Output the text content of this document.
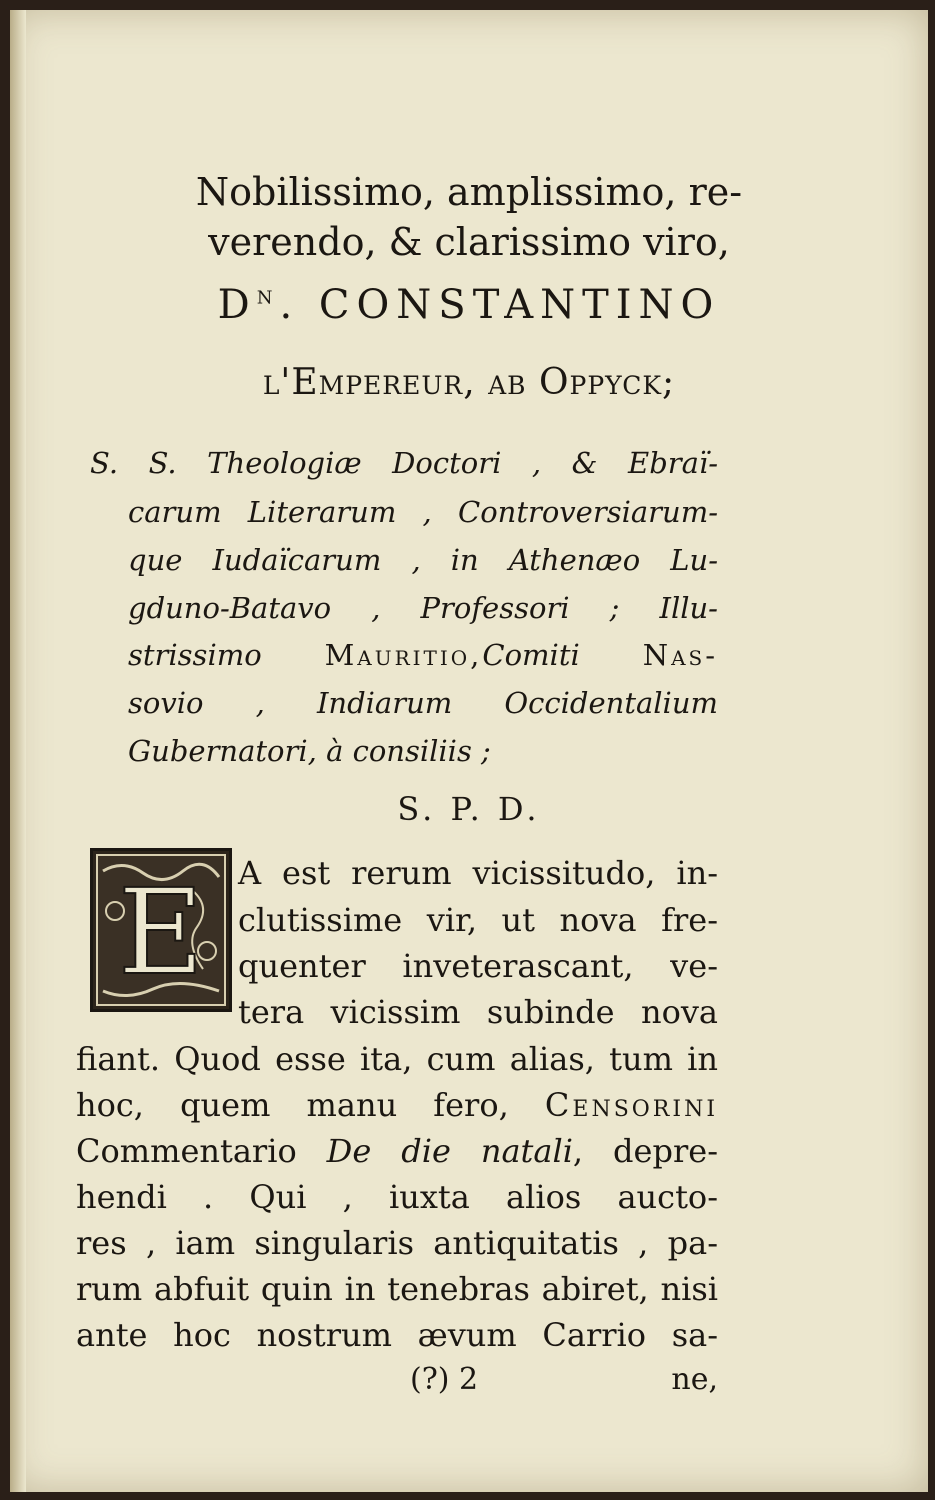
Nobilissimo, amplissimo, re-
verendo, & clarissimo viro,
$D^N$. CONSTANTINO
l'Empereur, ab Oppyck;
S. S. Theologiæ Doctori , & Ebraï-
carum Literarum , Controversiarum-
que Iudaïcarum , in Athenæo Lu-
gduno-Batavo , Professori ; Illu-
strissimo Mauritio,Comiti Nas-
sovio , Indiarum Occidentalium
Gubernatori, à consiliis ;
S. P. D.
E A est rerum vicissitudo, in-
clutissime vir, ut nova fre-
quenter inveterascant, ve-
tera vicissim subinde nova
fiant. Quod esse ita, cum alias, tum in
hoc, quem manu fero, Censorini
Commentario De die natali, depre-
hendi . Qui , iuxta alios aucto-
res , iam singularis antiquitatis , pa-
rum abfuit quin in tenebras abiret, nisi
ante hoc nostrum ævum Carrio sa-
(?) 2	ne,
